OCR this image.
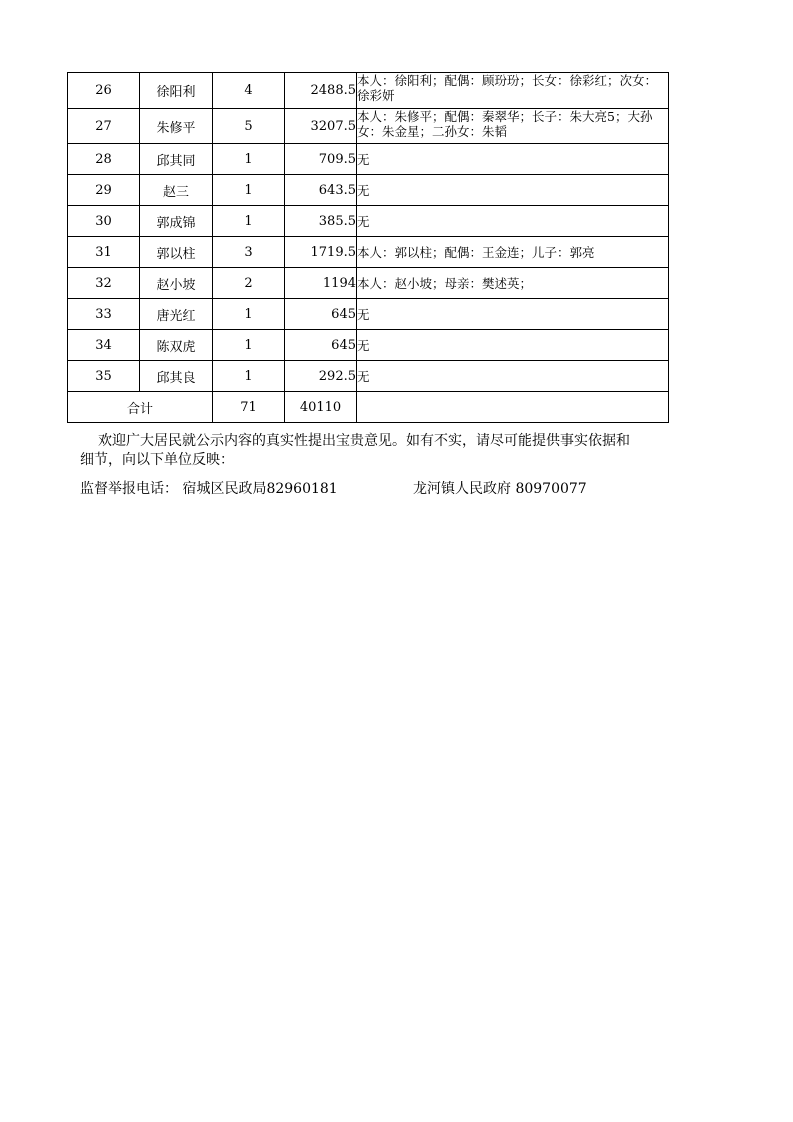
26	徐阳利	4	2488.5	本人：徐阳利；配偶：顾玢玢；长女：徐彩红；次女：徐彩妍
27	朱修平	5	3207.5	本人：朱修平；配偶：秦翠华；长子：朱大亮5；大孙女：朱金星；二孙女：朱韬
28	邱其同	1	709.5	无
29	赵三	1	643.5	无
30	郭成锦	1	385.5	无
31	郭以柱	3	1719.5	本人：郭以柱；配偶：王金连；儿子：郭亮
32	赵小坡	2	1194	本人：赵小坡；母亲：樊述英；
33	唐光红	1	645	无
34	陈双虎	1	645	无
35	邱其良	1	292.5	无
合计		71	40110	
欢迎广大居民就公示内容的真实性提出宝贵意见。如有不实，请尽可能提供事实依据和
细节，向以下单位反映：
监督举报电话： 宿城区民政局82960181	龙河镇人民政府 80970077
